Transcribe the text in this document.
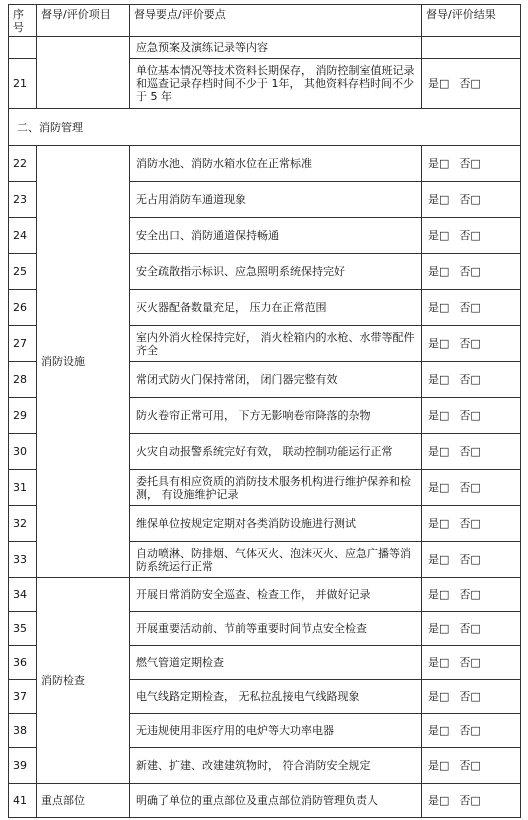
序号	督导/评价项目	督导要点/评价要点	督导/评价结果
		应急预案及演练记录等内容	
21		单位基本情况等技术资料长期保存， 消防控制室值班记录和巡查记录存档时间不少于 1年， 其他资料存档时间不少于 5 年	是□ 否□
二、消防管理			
22	消防设施	消防水池、消防水箱水位在正常标准	是□ 否□
23		无占用消防车通道现象	是□ 否□
24		安全出口、消防通道保持畅通	是□ 否□
25		安全疏散指示标识、应急照明系统保持完好	是□ 否□
26		灭火器配备数量充足， 压力在正常范围	是□ 否□
27		室内外消火栓保持完好， 消火栓箱内的水枪、水带等配件齐全	是□ 否□
28		常闭式防火门保持常闭， 闭门器完整有效	是□ 否□
29		防火卷帘正常可用， 下方无影响卷帘降落的杂物	是□ 否□
30		火灾自动报警系统完好有效， 联动控制功能运行正常	是□ 否□
31		委托具有相应资质的消防技术服务机构进行维护保养和检测， 有设施维护记录	是□ 否□
32		维保单位按规定定期对各类消防设施进行测试	是□ 否□
33		自动喷淋、防排烟、气体灭火、泡沫灭火、应急广播等消防系统运行正常	是□ 否□
34	消防检查	开展日常消防安全巡查、检查工作， 并做好记录	是□ 否□
35		开展重要活动前、节前等重要时间节点安全检查	是□ 否□
36		燃气管道定期检查	是□ 否□
37		电气线路定期检查， 无私拉乱接电气线路现象	是□ 否□
38		无违规使用非医疗用的电炉等大功率电器	是□ 否□
39		新建、扩建、改建建筑物时， 符合消防安全规定	是□ 否□
41	重点部位	明确了单位的重点部位及重点部位消防管理负责人	是□ 否□
